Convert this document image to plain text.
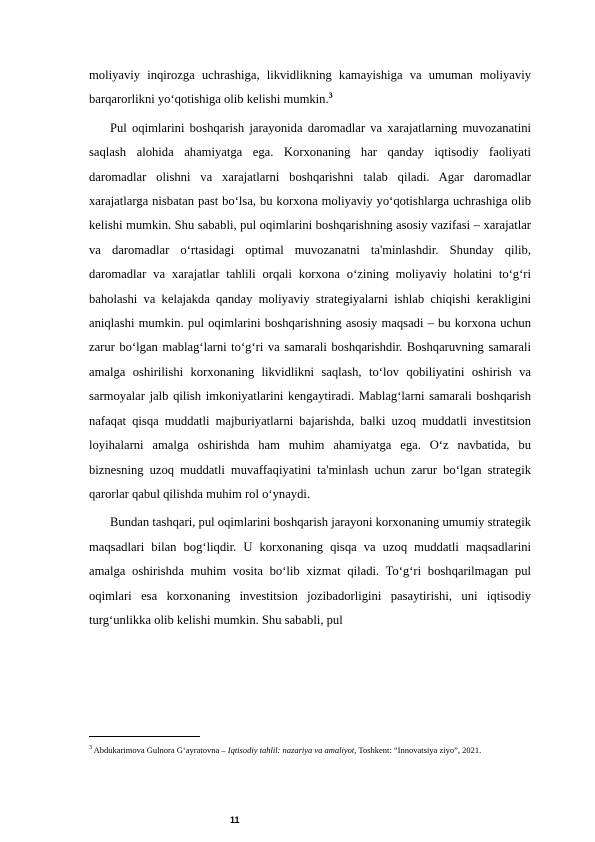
moliyaviy inqirozga uchrashiga, likvidlikning kamayishiga va umuman moliyaviy barqarorlikni yo‘qotishiga olib kelishi mumkin.$^3$

Pul oqimlarini boshqarish jarayonida daromadlar va xarajatlarning muvozanatini saqlash alohida ahamiyatga ega. Korxonaning har qanday iqtisodiy faoliyati daromadlar olishni va xarajatlarni boshqarishni talab qiladi. Agar daromadlar xarajatlarga nisbatan past bo‘lsa, bu korxona moliyaviy yo‘qotishlarga uchrashiga olib kelishi mumkin. Shu sababli, pul oqimlarini boshqarishning asosiy vazifasi – xarajatlar va daromadlar o‘rtasidagi optimal muvozanatni ta'minlashdir. Shunday qilib, daromadlar va xarajatlar tahlili orqali korxona o‘zining moliyaviy holatini to‘g‘ri baholashi va kelajakda qanday moliyaviy strategiyalarni ishlab chiqishi kerakligini aniqlashi mumkin. pul oqimlarini boshqarishning asosiy maqsadi – bu korxona uchun zarur bo‘lgan mablag‘larni to‘g‘ri va samarali boshqarishdir. Boshqaruvning samarali amalga oshirilishi korxonaning likvidlikni saqlash, to‘lov qobiliyatini oshirish va sarmoyalar jalb qilish imkoniyatlarini kengaytiradi. Mablag‘larni samarali boshqarish nafaqat qisqa muddatli majburiyatlarni bajarishda, balki uzoq muddatli investitsion loyihalarni amalga oshirishda ham muhim ahamiyatga ega. O‘z navbatida, bu biznesning uzoq muddatli muvaffaqiyatini ta'minlash uchun zarur bo‘lgan strategik qarorlar qabul qilishda muhim rol o‘ynaydi.

Bundan tashqari, pul oqimlarini boshqarish jarayoni korxonaning umumiy strategik maqsadlari bilan bog‘liqdir. U korxonaning qisqa va uzoq muddatli maqsadlarini amalga oshirishda muhim vosita bo‘lib xizmat qiladi. To‘g‘ri boshqarilmagan pul oqimlari esa korxonaning investitsion jozibadorligini pasaytirishi, uni iqtisodiy turg‘unlikka olib kelishi mumkin. Shu sababli, pul

$^3$ Abdukarimova Gulnora G‘ayratovna – Iqtisodiy tahlil: nazariya va amaliyot, Toshkent: “Innovatsiya ziyo”, 2021.
11
